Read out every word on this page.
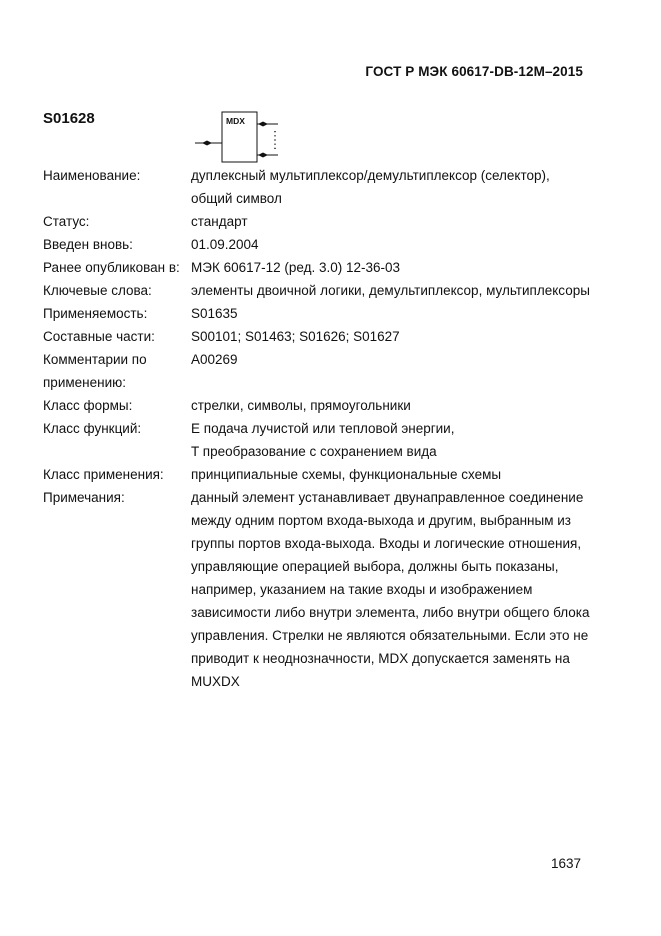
ГОСТ Р МЭК 60617-DB-12M–2015
S01628	MDX
Наименование:	дуплексный мультиплексор/демультиплексор (селектор),
общий символ
Статус:	стандарт
Введен вновь:	01.09.2004
Ранее опубликован в: МЭК 60617-12 (ред. 3.0) 12-36-03
Ключевые слова:	элементы двоичной логики, демультиплексор, мультиплексоры
Применяемость:	S01635
Составные части:	S00101; S01463; S01626; S01627
Комментарии по
применению:
A00269
Класс формы:	стрелки, символы, прямоугольники
Класс функций:	E подача лучистой или тепловой энергии,
T преобразование с сохранением вида
Класс применения:	принципиальные схемы, функциональные схемы
Примечания:	данный элемент устанавливает двунаправленное соединение
между одним портом входа-выхода и другим, выбранным из
группы портов входа-выхода. Входы и логические отношения,
управляющие операцией выбора, должны быть показаны,
например, указанием на такие входы и изображением
зависимости либо внутри элемента, либо внутри общего блока
управления. Стрелки не являются обязательными. Если это не
приводит к неоднозначности, MDX допускается заменять на
MUXDX
1637
